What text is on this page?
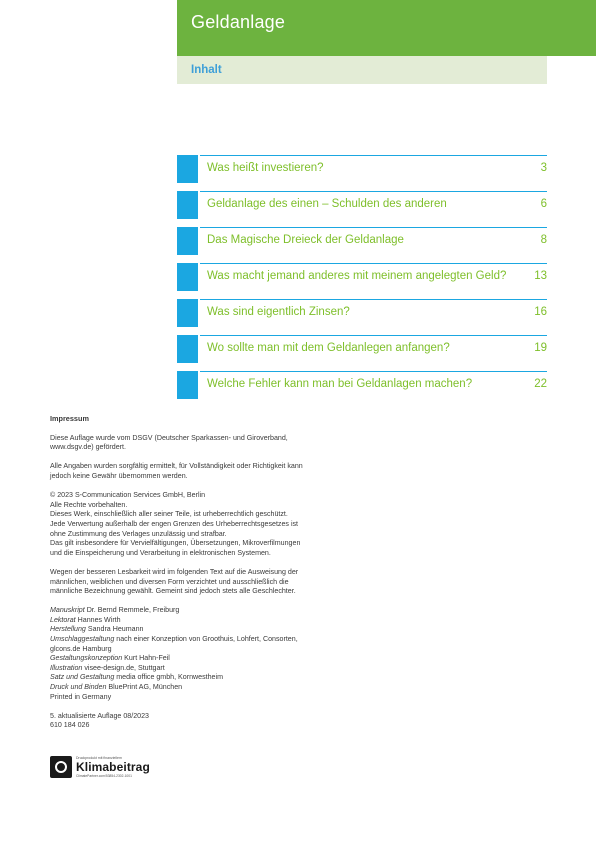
Geldanlage
Inhalt
Was heißt investieren?	3
Geldanlage des einen – Schulden des anderen	6
Das Magische Dreieck der Geldanlage	8
Was macht jemand anderes mit meinem angelegten Geld? 13
Was sind eigentlich Zinsen?	16
Wo sollte man mit dem Geldanlegen anfangen?	19
Welche Fehler kann man bei Geldanlagen machen?	22
Impressum
Diese Auflage wurde vom DSGV (Deutscher Sparkassen- und Giroverband,
www.dsgv.de) gefördert.
Alle Angaben wurden sorgfältig ermittelt, für Vollständigkeit oder Richtigkeit kann
jedoch keine Gewähr übernommen werden.
© 2023 S-Communication Services GmbH, Berlin
Alle Rechte vorbehalten.
Dieses Werk, einschließlich aller seiner Teile, ist urheberrechtlich geschützt.
Jede Verwertung außerhalb der engen Grenzen des Urheberrechtsgesetzes ist
ohne Zustimmung des Verlages unzulässig und strafbar.
Das gilt insbesondere für Vervielfältigungen, Übersetzungen, Mikroverfilmungen
und die Einspeicherung und Verarbeitung in elektronischen Systemen.
Wegen der besseren Lesbarkeit wird im folgenden Text auf die Ausweisung der
männlichen, weiblichen und diversen Form verzichtet und ausschließlich die
männliche Bezeichnung gewählt. Gemeint sind jedoch stets alle Geschlechter.
Manuskript Dr. Bernd Remmele, Freiburg
Lektorat Hannes Wirth
Herstellung Sandra Heumann
Umschlaggestaltung nach einer Konzeption von Groothuis, Lohfert, Consorten,
glcons.de Hamburg
Gestaltungskonzeption Kurt Hahn-Feil
Illustration visee-design.de, Stuttgart
Satz und Gestaltung media office gmbh, Kornwestheim
Druck und Binden BluePrint AG, München
Printed in Germany
5. aktualisierte Auflage 08/2023
610 184 026
Druckprodukt mit finanziellem
Klimabeitrag
ClimatePartner.com/53854-2302-1001
